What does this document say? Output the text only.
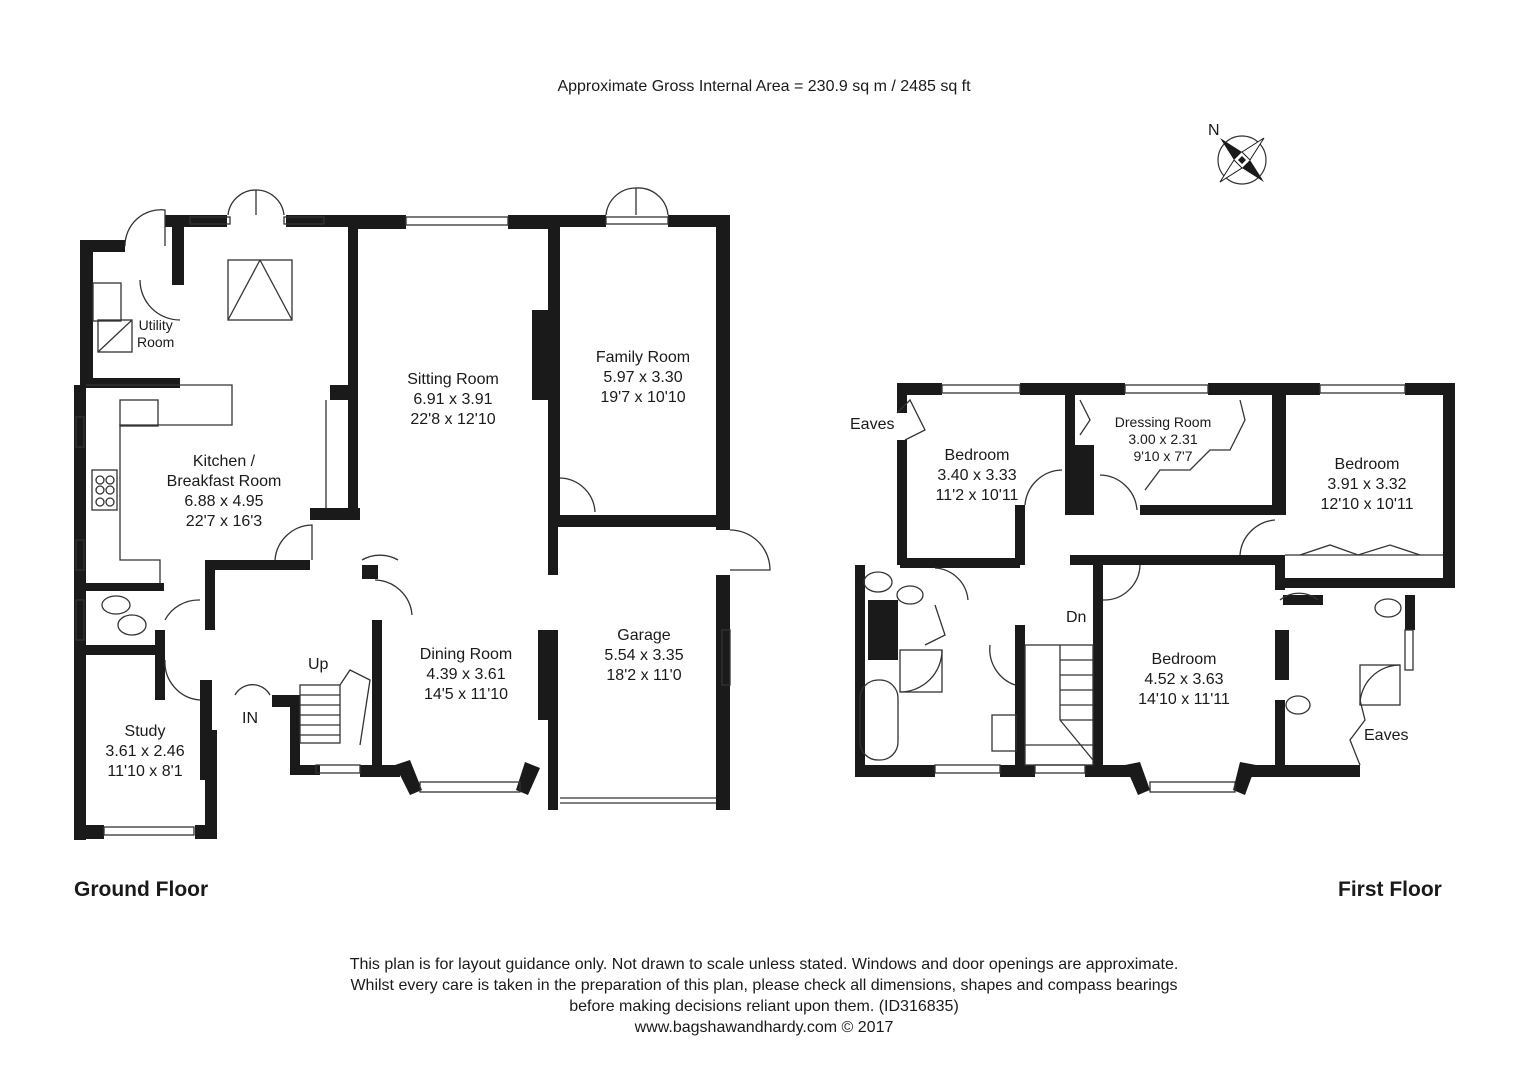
Approximate Gross Internal Area = 230.9 sq m / 2485 sq ft
N
Utility
Room
Kitchen /
Breakfast Room
6.88 x 4.95
22'7 x 16'3
Sitting Room
6.91 x 3.91
22'8 x 12'10
Family Room
5.97 x 3.30
19'7 x 10'10
Dining Room
4.39 x 3.61
14'5 x 11'10
Garage
5.54 x 3.35
18'2 x 11'0
Study
3.61 x 2.46
11'10 x 8'1
Up
IN
Eaves
Bedroom
3.40 x 3.33
11'2 x 10'11
Dressing Room
3.00 x 2.31
9'10 x 7'7	Bedroom
3.91 x 3.32
12'10 x 10'11
Bedroom
4.52 x 3.63
14'10 x 11'11
Dn
Eaves
Ground Floor	First Floor
This plan is for layout guidance only. Not drawn to scale unless stated. Windows and door openings are approximate.
Whilst every care is taken in the preparation of this plan, please check all dimensions, shapes and compass bearings
before making decisions reliant upon them. (ID316835)
www.bagshawandhardy.com © 2017
